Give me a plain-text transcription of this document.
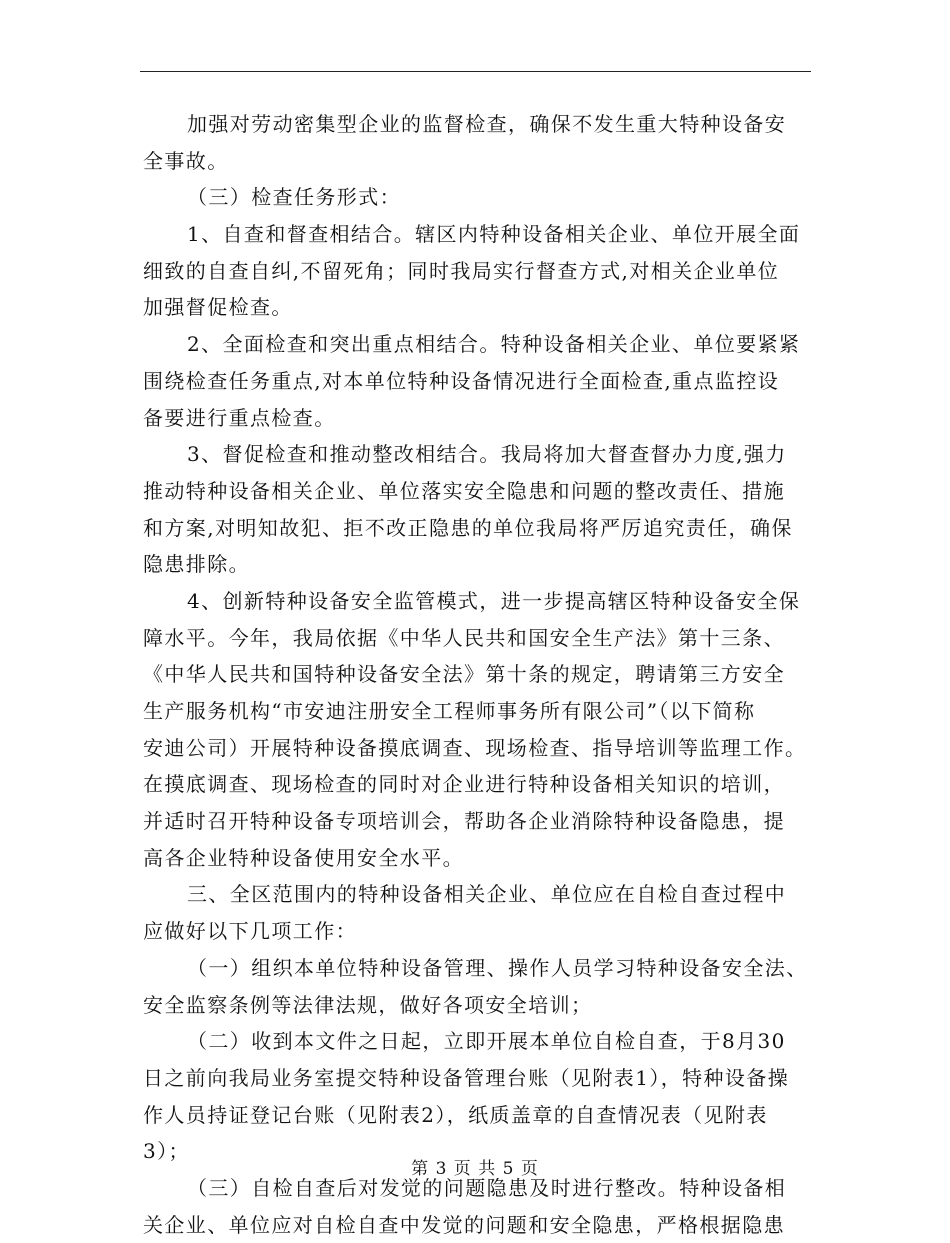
加强对劳动密集型企业的监督检查，确保不发生重大特种设备安
全事故。
（三）检查任务形式：
1、自查和督查相结合。辖区内特种设备相关企业、单位开展全面
细致的自查自纠,不留死角；同时我局实行督查方式,对相关企业单位
加强督促检查。
2、全面检查和突出重点相结合。特种设备相关企业、单位要紧紧
围绕检查任务重点,对本单位特种设备情况进行全面检查,重点监控设
备要进行重点检查。
3、督促检查和推动整改相结合。我局将加大督查督办力度,强力
推动特种设备相关企业、单位落实安全隐患和问题的整改责任、措施
和方案,对明知故犯、拒不改正隐患的单位我局将严厉追究责任，确保
隐患排除。
4、创新特种设备安全监管模式，进一步提高辖区特种设备安全保
障水平。今年，我局依据《中华人民共和国安全生产法》第十三条、
《中华人民共和国特种设备安全法》第十条的规定，聘请第三方安全
生产服务机构“市安迪注册安全工程师事务所有限公司”（以下简称
安迪公司）开展特种设备摸底调查、现场检查、指导培训等监理工作。
在摸底调查、现场检查的同时对企业进行特种设备相关知识的培训，
并适时召开特种设备专项培训会，帮助各企业消除特种设备隐患，提
高各企业特种设备使用安全水平。
三、全区范围内的特种设备相关企业、单位应在自检自查过程中
应做好以下几项工作：
（一）组织本单位特种设备管理、操作人员学习特种设备安全法、
安全监察条例等法律法规，做好各项安全培训；
（二）收到本文件之日起，立即开展本单位自检自查，于8月30
日之前向我局业务室提交特种设备管理台账（见附表1），特种设备操
作人员持证登记台账（见附表2），纸质盖章的自查情况表（见附表
3）；
（三）自检自查后对发觉的问题隐患及时进行整改。特种设备相
关企业、单位应对自检自查中发觉的问题和安全隐患，严格根据隐患
第 3 页 共 5 页
